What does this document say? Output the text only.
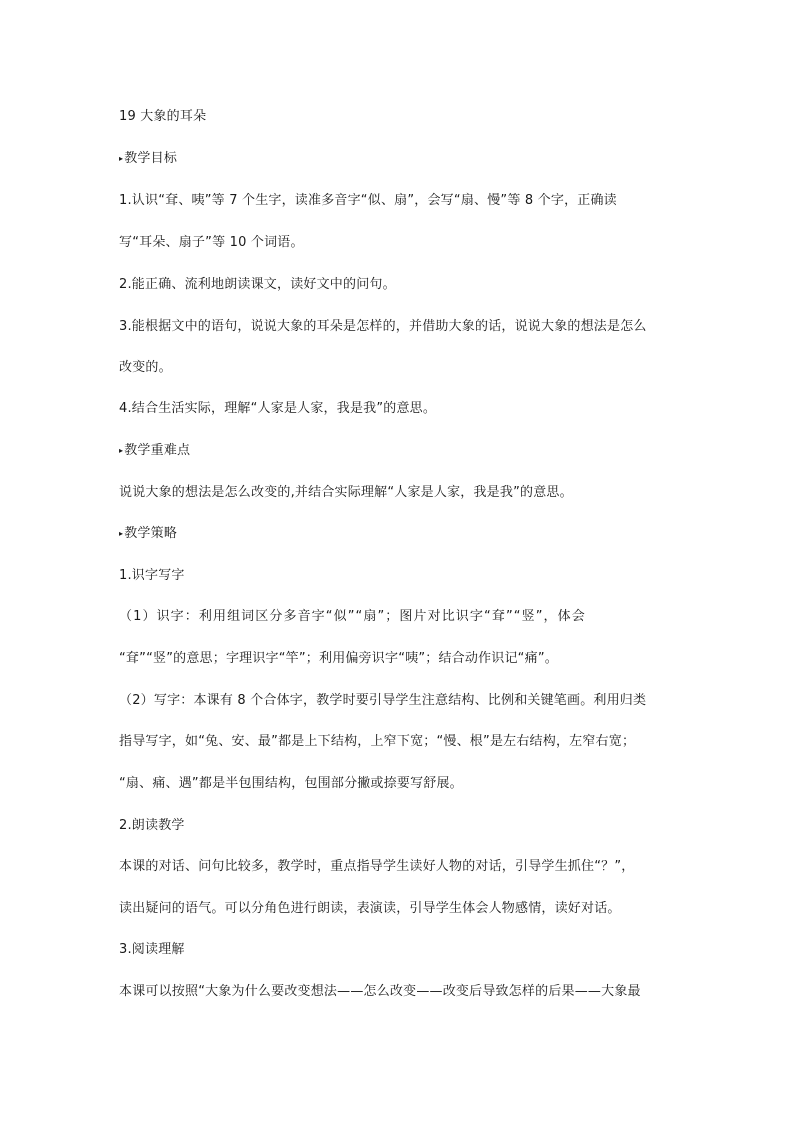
19 大象的耳朵
▸教学目标
1.认识“耷、咦”等 7 个生字，读准多音字“似、扇”，会写“扇、慢”等 8 个字，正确读
写“耳朵、扇子”等 10 个词语。
2.能正确、流利地朗读课文，读好文中的问句。
3.能根据文中的语句，说说大象的耳朵是怎样的，并借助大象的话，说说大象的想法是怎么
改变的。
4.结合生活实际，理解“人家是人家，我是我”的意思。
▸教学重难点
说说大象的想法是怎么改变的,并结合实际理解“人家是人家，我是我”的意思。
▸教学策略
1.识字写字
（1）识字：利用组词区分多音字“似”“扇”；图片对比识字“耷”“竖”，体会
“耷”“竖”的意思；字理识字“竿”；利用偏旁识字“咦”；结合动作识记“痛”。
（2）写字：本课有 8 个合体字，教学时要引导学生注意结构、比例和关键笔画。利用归类
指导写字，如“兔、安、最”都是上下结构，上窄下宽；“慢、根”是左右结构，左窄右宽；
“扇、痛、遇”都是半包围结构，包围部分撇或捺要写舒展。
2.朗读教学
本课的对话、问句比较多，教学时，重点指导学生读好人物的对话，引导学生抓住“？”，
读出疑问的语气。可以分角色进行朗读，表演读，引导学生体会人物感情，读好对话。
3.阅读理解
本课可以按照“大象为什么要改变想法——怎么改变——改变后导致怎样的后果——大象最
